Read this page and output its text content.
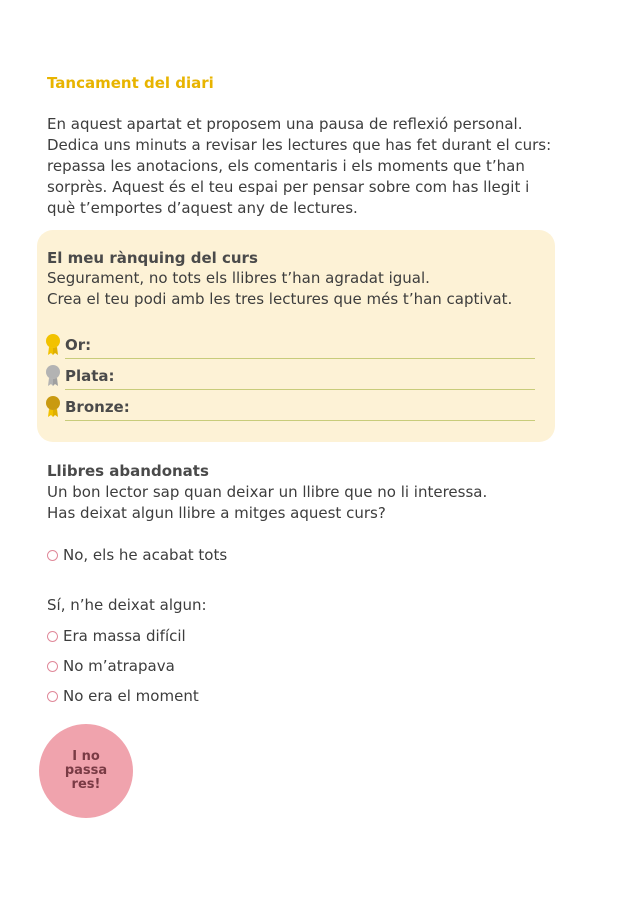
Tancament del diari

En aquest apartat et proposem una pausa de reflexió personal.
Dedica uns minuts a revisar les lectures que has fet durant el curs:
repassa les anotacions, els comentaris i els moments que t’han
sorprès. Aquest és el teu espai per pensar sobre com has llegit i
què t’emportes d’aquest any de lectures.

El meu rànquing del curs

Segurament, no tots els llibres t’han agradat igual.
Crea el teu podi amb les tres lectures que més t’han captivat.

Or:
Plata:
Bronze:
Llibres abandonats

Un bon lector sap quan deixar un llibre que no li interessa.
Has deixat algun llibre a mitges aquest curs?

No, els he acabat tots

Sí, n’he deixat algun:

Era massa difícil
No m’atrapava
No era el moment
I no passa res!
